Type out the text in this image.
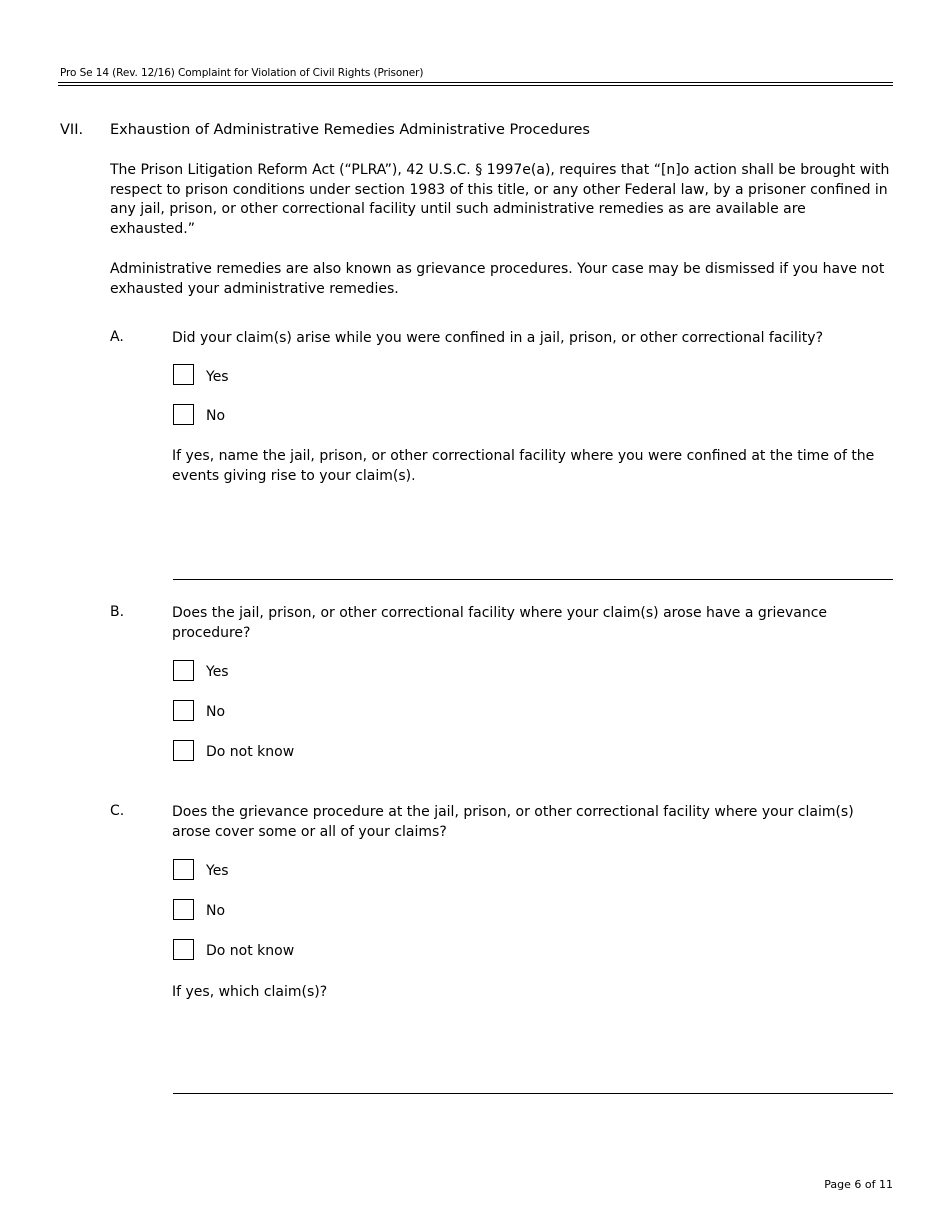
Pro Se 14 (Rev. 12/16) Complaint for Violation of Civil Rights (Prisoner)
VII. Exhaustion of Administrative Remedies Administrative Procedures
The Prison Litigation Reform Act (“PLRA”), 42 U.S.C. § 1997e(a), requires that “[n]o action shall be brought with respect to prison conditions under section 1983 of this title, or any other Federal law, by a prisoner confined in any jail, prison, or other correctional facility until such administrative remedies as are available are exhausted.”
Administrative remedies are also known as grievance procedures. Your case may be dismissed if you have not exhausted your administrative remedies.
A.	Did your claim(s) arise while you were confined in a jail, prison, or other correctional facility?
Yes
No
If yes, name the jail, prison, or other correctional facility where you were confined at the time of the events giving rise to your claim(s).
B.	Does the jail, prison, or other correctional facility where your claim(s) arose have a grievance procedure?
Yes
No
Do not know
C.	Does the grievance procedure at the jail, prison, or other correctional facility where your claim(s) arose cover some or all of your claims?
Yes
No
Do not know
If yes, which claim(s)?
Page 6 of 11
